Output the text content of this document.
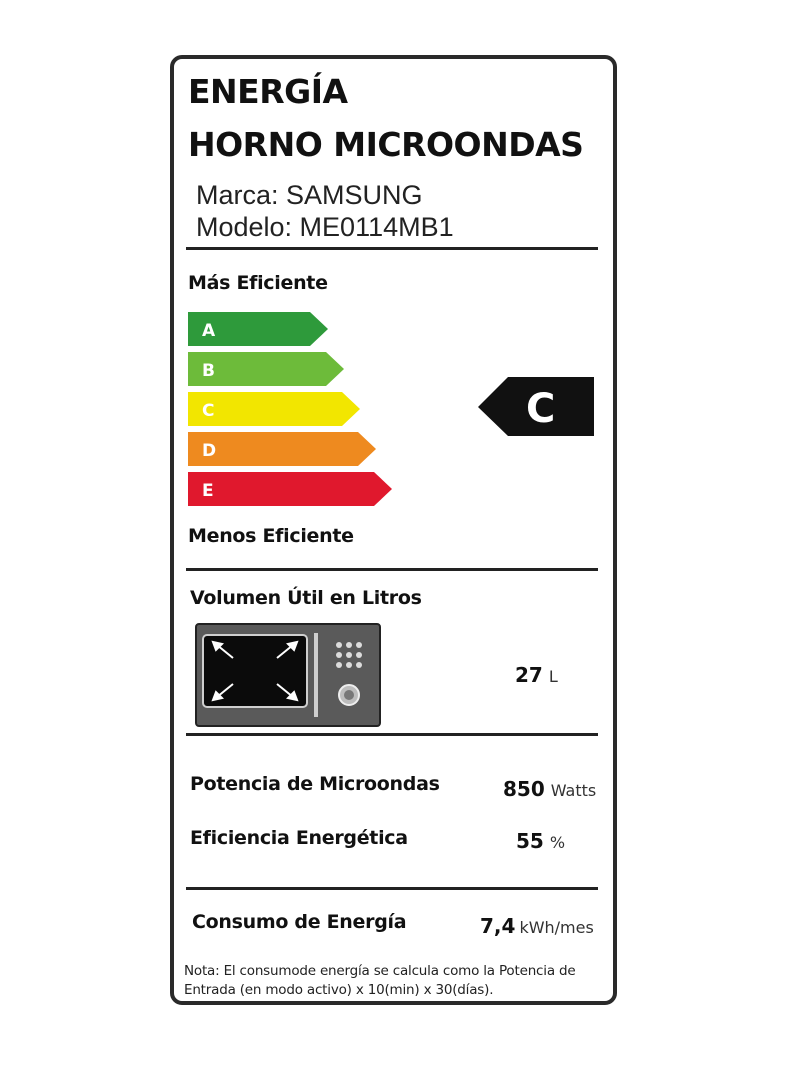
ENERGÍA
HORNO MICROONDAS
Marca: SAMSUNG
Modelo: ME0114MB1
Más Eficiente
A
B
C
D
E
C
Menos Eficiente
Volumen Útil en Litros
27 L
Potencia de Microondas	850 Watts
Eficiencia Energética	55 %
Consumo de Energía	7,4 kWh/mes
Nota: El consumode energía se calcula como la Potencia de Entrada (en modo activo) x 10(min) x 30(días).
